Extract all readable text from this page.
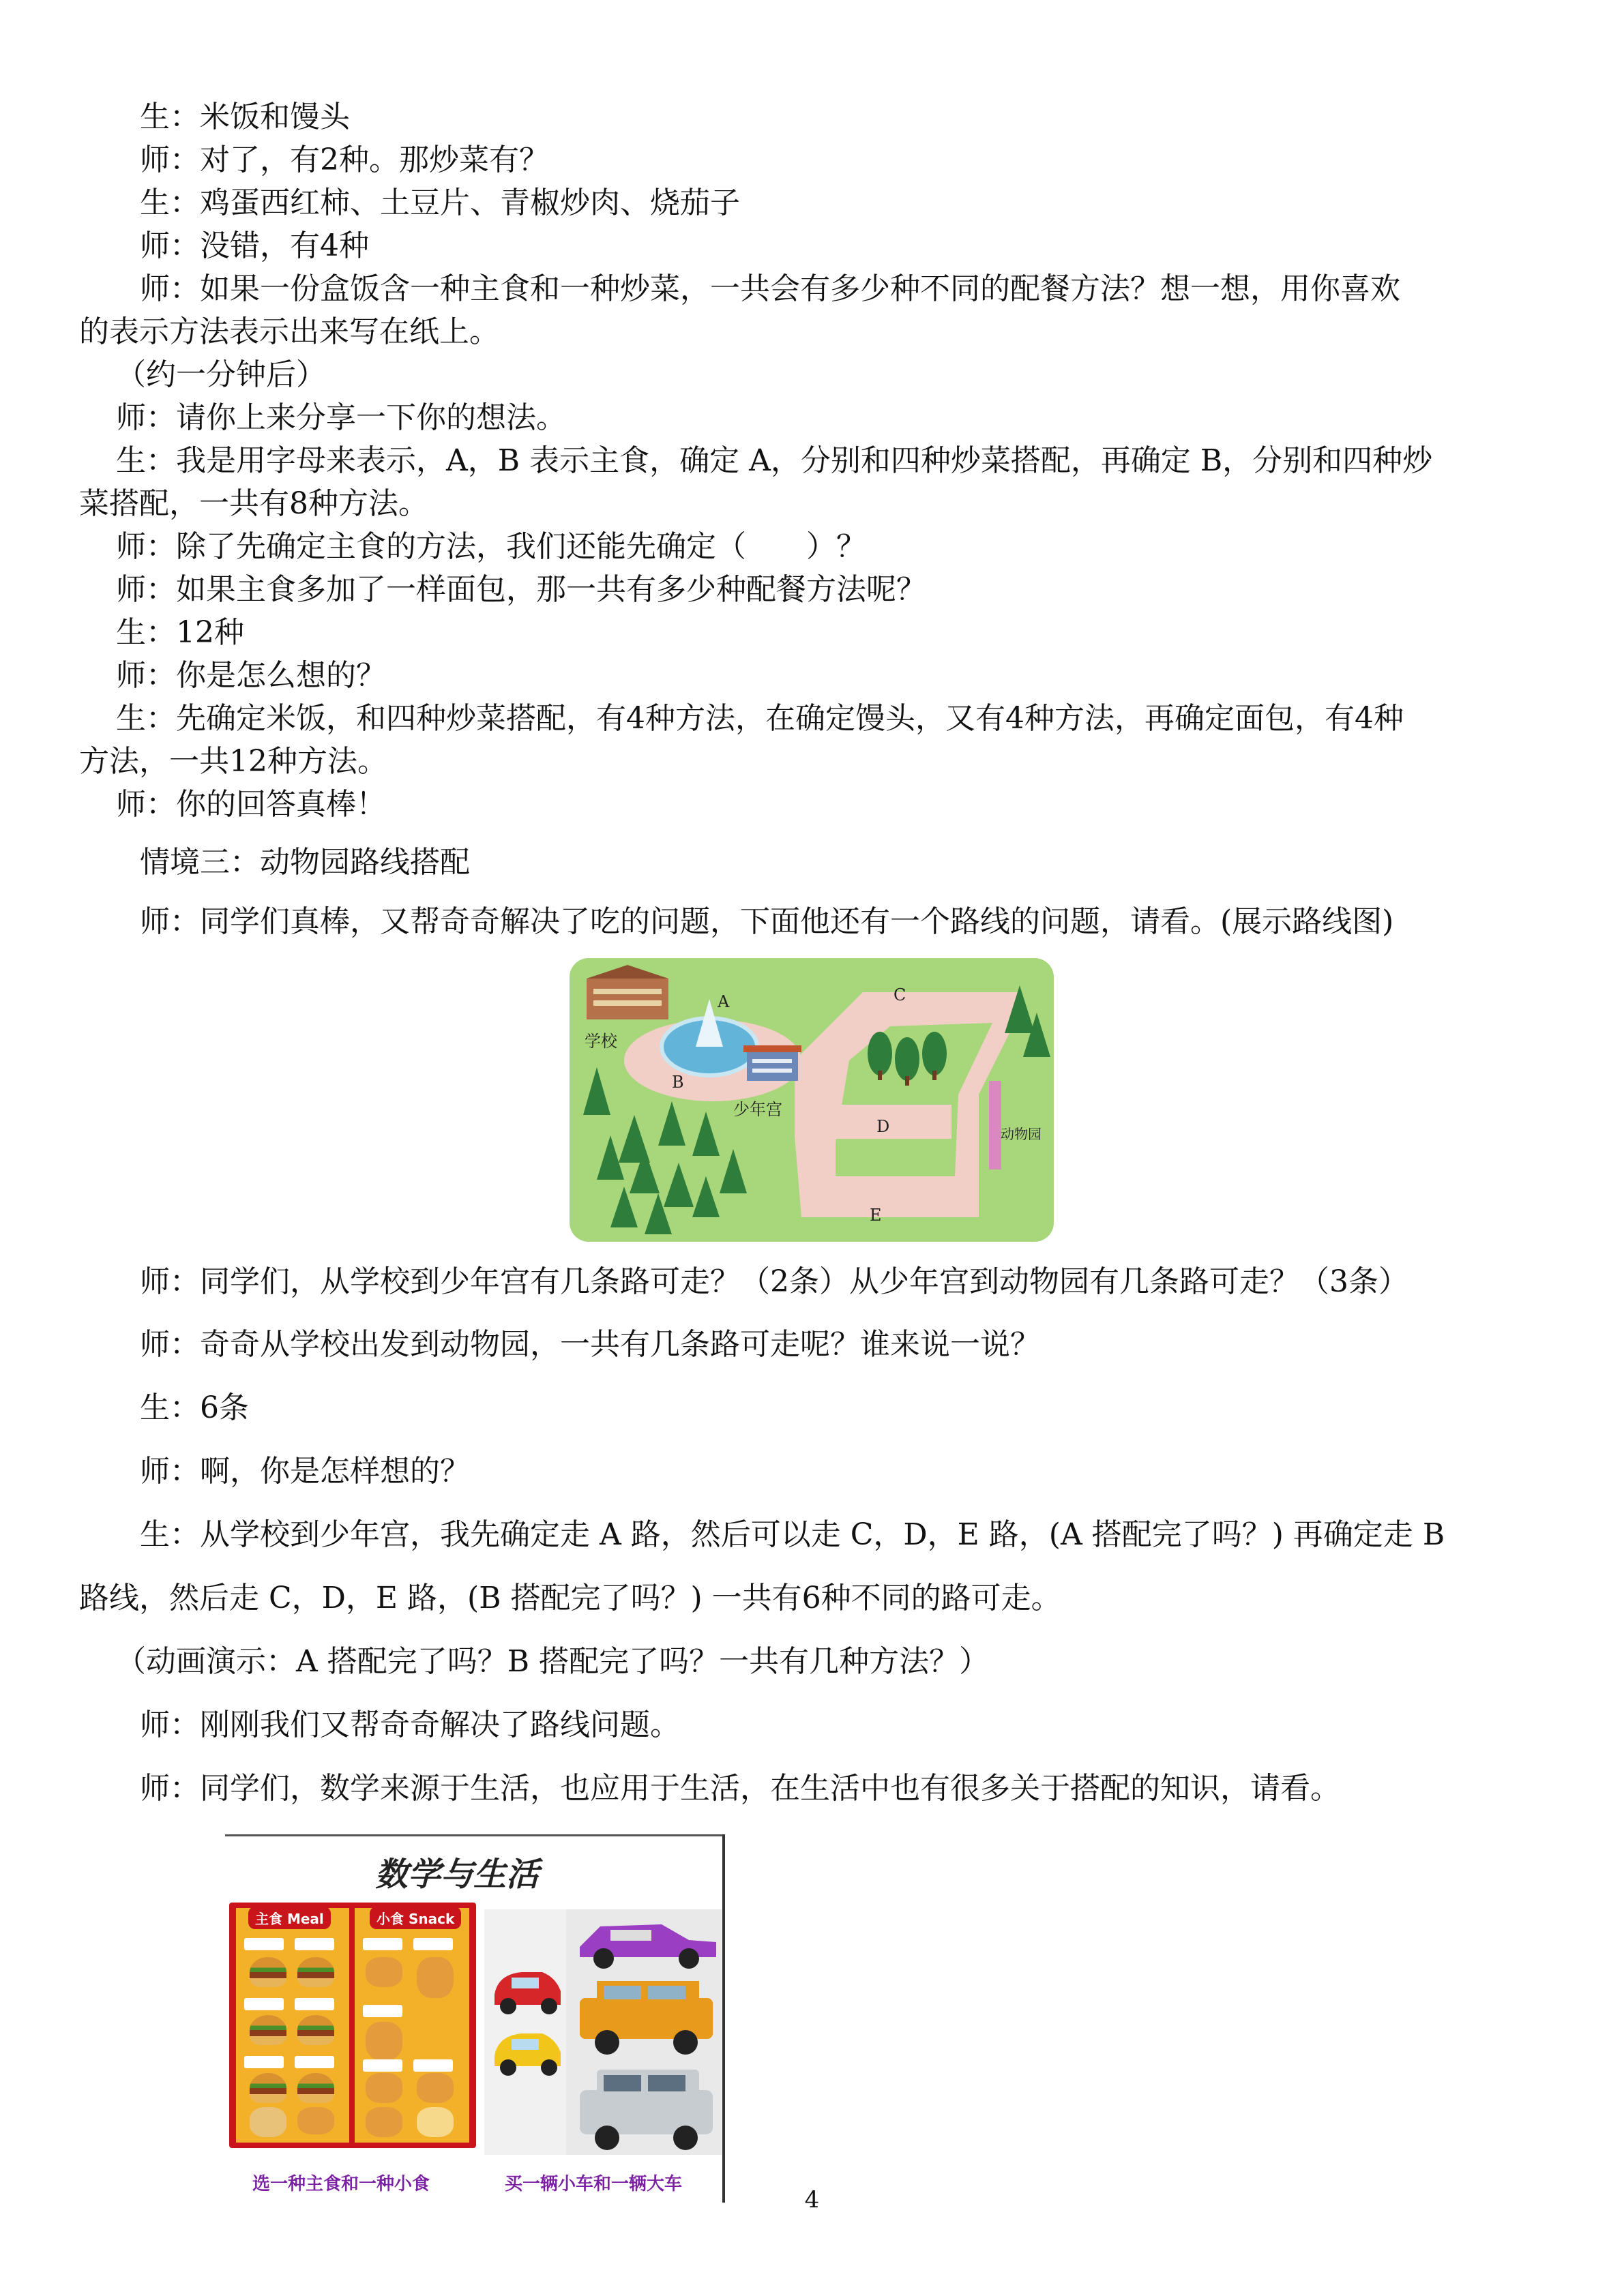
生：米饭和馒头
师：对了，有2种。那炒菜有？
生：鸡蛋西红柿、土豆片、青椒炒肉、烧茄子
师：没错，有4种
师：如果一份盒饭含一种主食和一种炒菜，一共会有多少种不同的配餐方法？想一想，用你喜欢
的表示方法表示出来写在纸上。
（约一分钟后）
师：请你上来分享一下你的想法。
生：我是用字母来表示，A，B 表示主食，确定 A，分别和四种炒菜搭配，再确定 B，分别和四种炒
菜搭配，一共有8种方法。
师：除了先确定主食的方法，我们还能先确定（　　）？
师：如果主食多加了一样面包，那一共有多少种配餐方法呢？
生：12种
师：你是怎么想的？
生：先确定米饭，和四种炒菜搭配，有4种方法，在确定馒头，又有4种方法，再确定面包，有4种
方法，一共12种方法。
师：你的回答真棒！
情境三：动物园路线搭配
师：同学们真棒，又帮奇奇解决了吃的问题，下面他还有一个路线的问题，请看。(展示路线图)
学校
少年宫
动物园
A
B
C
D
E
师：同学们，从学校到少年宫有几条路可走？（2条）从少年宫到动物园有几条路可走？（3条）
师：奇奇从学校出发到动物园，一共有几条路可走呢？谁来说一说？
生：6条
师：啊，你是怎样想的？
生：从学校到少年宫，我先确定走 A 路，然后可以走 C，D，E 路，(A 搭配完了吗？) 再确定走 B
路线，然后走 C，D，E 路，(B 搭配完了吗？) 一共有6种不同的路可走。
（动画演示：A 搭配完了吗？B 搭配完了吗？一共有几种方法？）
师：刚刚我们又帮奇奇解决了路线问题。
师：同学们，数学来源于生活，也应用于生活，在生活中也有很多关于搭配的知识，请看。
数学与生活
主食 Meal	小食 Snack
选一种主食和一种小食	买一辆小车和一辆大车
4
